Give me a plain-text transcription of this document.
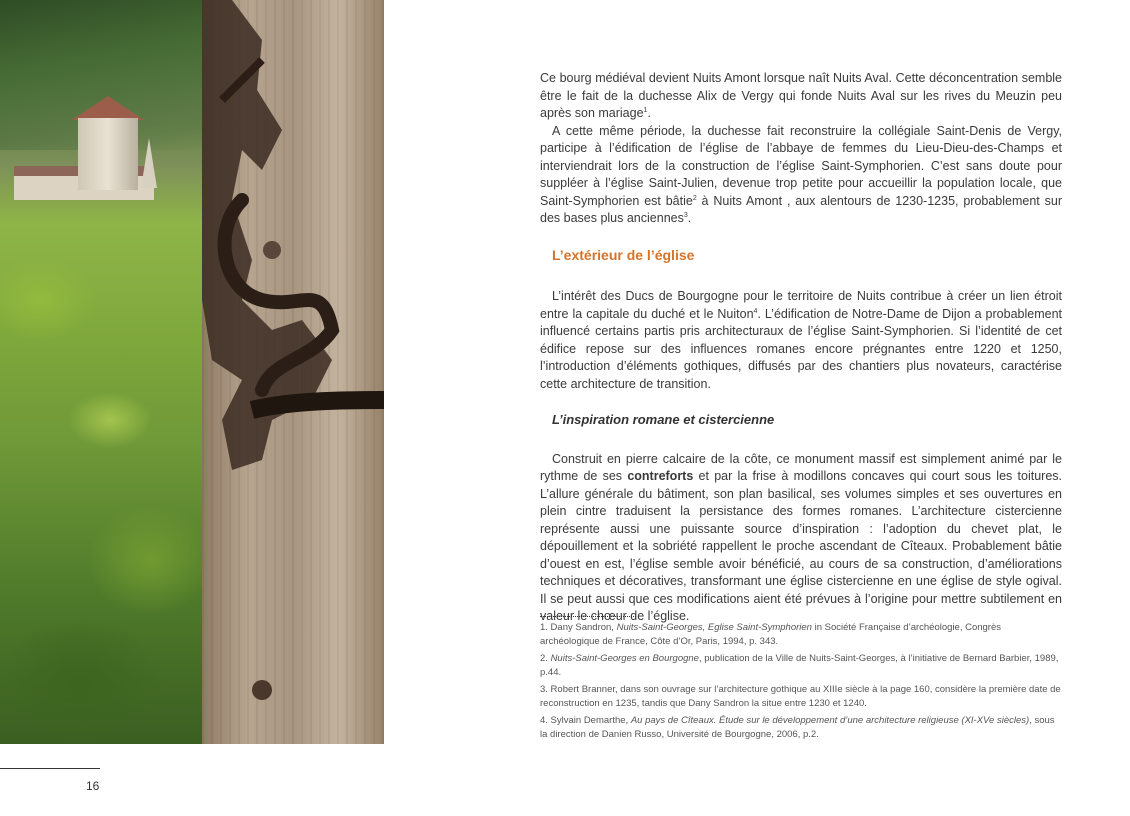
16

Ce bourg médiéval devient Nuits Amont lorsque naît Nuits Aval. Cette déconcentration semble être le fait de la duchesse Alix de Vergy qui fonde Nuits Aval sur les rives du Meuzin peu après son mariage$^1$.

A cette même période, la duchesse fait reconstruire la collégiale Saint-Denis de Vergy, participe à l’édification de l’église de l’abbaye de femmes du Lieu-Dieu-des-Champs et interviendrait lors de la construction de l’église Saint-Symphorien. C’est sans doute pour suppléer à l’église Saint-Julien, devenue trop petite pour accueillir la population locale, que Saint-Symphorien est bâtie$^2$ à Nuits Amont , aux alentours de 1230-1235, probablement sur des bases plus anciennes$^3$.

L’extérieur de l’église

L’intérêt des Ducs de Bourgogne pour le territoire de Nuits contribue à créer un lien étroit entre la capitale du duché et le Nuiton$^4$. L’édification de Notre-Dame de Dijon a probablement influencé certains partis pris architecturaux de l’église Saint-Symphorien. Si l’identité de cet édifice repose sur des influences romanes encore prégnantes entre 1220 et 1250, l’introduction d’éléments gothiques, diffusés par des chantiers plus novateurs, caractérise cette architecture de transition.

L’inspiration romane et cistercienne

Construit en pierre calcaire de la côte, ce monument massif est simplement animé par le rythme de ses contreforts et par la frise à modillons concaves qui court sous les toitures. L’allure générale du bâtiment, son plan basilical, ses volumes simples et ses ouvertures en plein cintre traduisent la persistance des formes romanes. L’architecture cistercienne représente aussi une puissante source d’inspiration : l’adoption du chevet plat, le dépouillement et la sobriété rappellent le proche ascendant de Cîteaux. Probablement bâtie d’ouest en est, l’église semble avoir bénéficié, au cours de sa construction, d’améliorations techniques et décoratives, transformant une église cistercienne en une église de style ogival. Il se peut aussi que ces modifications aient été prévues à l’origine pour mettre subtilement en valeur le chœur de l’église.

1. Dany Sandron, Nuits-Saint-Georges, Eglise Saint-Symphorien in Société Française d’archéologie, Congrès archéologique de France, Côte d’Or, Paris, 1994, p. 343.

2. Nuits-Saint-Georges en Bourgogne, publication de la Ville de Nuits-Saint-Georges, à l’initiative de Bernard Barbier, 1989, p.44.

3. Robert Branner, dans son ouvrage sur l’architecture gothique au XIIIe siècle à la page 160, considère la première date de reconstruction en 1235, tandis que Dany Sandron la situe entre 1230 et 1240.

4. Sylvain Demarthe, Au pays de Cîteaux. Étude sur le développement d’une architecture religieuse (XI-XVe siècles), sous la direction de Danien Russo, Université de Bourgogne, 2006, p.2.
